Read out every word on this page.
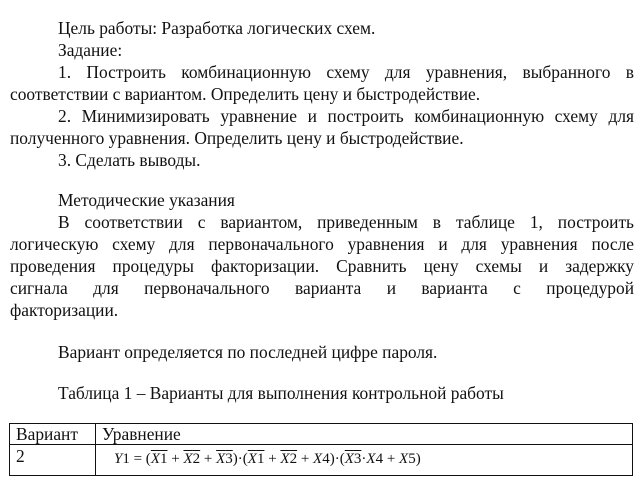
Цель работы: Разработка логических схем.
Задание:
1. Построить комбинационную схему для уравнения, выбранного в
соответствии с вариантом. Определить цену и быстродействие.
2. Минимизировать уравнение и построить комбинационную схему для
полученного уравнения. Определить цену и быстродействие.
3. Сделать выводы.
Методические указания
В соответствии с вариантом, приведенным в таблице 1, построить
логическую схему для первоначального уравнения и для уравнения после
проведения процедуры факторизации. Сравнить цену схемы и задержку
сигнала для первоначального варианта и варианта с процедурой
факторизации.
Вариант определяется по последней цифре пароля.
Таблица 1 – Варианты для выполнения контрольной работы
Вариант	Уравнение
2	Y1 = (X1 + X2 + X3)·(X1 + X2 + X4)·(X3·X4 + X5)
